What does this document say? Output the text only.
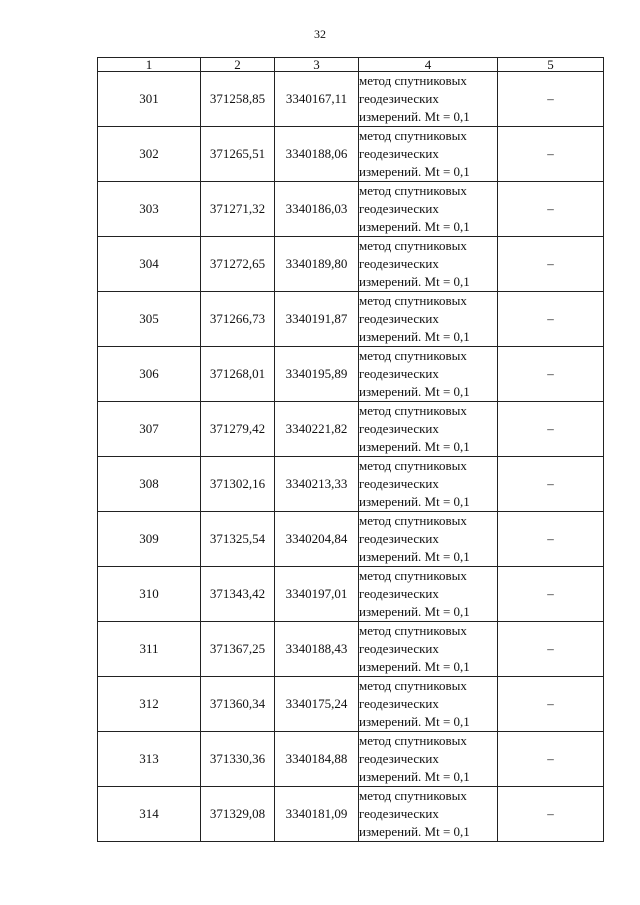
32
1	2	3	4	5
301	371258,85	3340167,11	метод спутниковых
геодезических
измерений. Mt = 0,1	–
302	371265,51	3340188,06	метод спутниковых
геодезических
измерений. Mt = 0,1	–
303	371271,32	3340186,03	метод спутниковых
геодезических
измерений. Mt = 0,1	–
304	371272,65	3340189,80	метод спутниковых
геодезических
измерений. Mt = 0,1	–
305	371266,73	3340191,87	метод спутниковых
геодезических
измерений. Mt = 0,1	–
306	371268,01	3340195,89	метод спутниковых
геодезических
измерений. Mt = 0,1	–
307	371279,42	3340221,82	метод спутниковых
геодезических
измерений. Mt = 0,1	–
308	371302,16	3340213,33	метод спутниковых
геодезических
измерений. Mt = 0,1	–
309	371325,54	3340204,84	метод спутниковых
геодезических
измерений. Mt = 0,1	–
310	371343,42	3340197,01	метод спутниковых
геодезических
измерений. Mt = 0,1	–
311	371367,25	3340188,43	метод спутниковых
геодезических
измерений. Mt = 0,1	–
312	371360,34	3340175,24	метод спутниковых
геодезических
измерений. Mt = 0,1	–
313	371330,36	3340184,88	метод спутниковых
геодезических
измерений. Mt = 0,1	–
314	371329,08	3340181,09	метод спутниковых
геодезических
измерений. Mt = 0,1	–
